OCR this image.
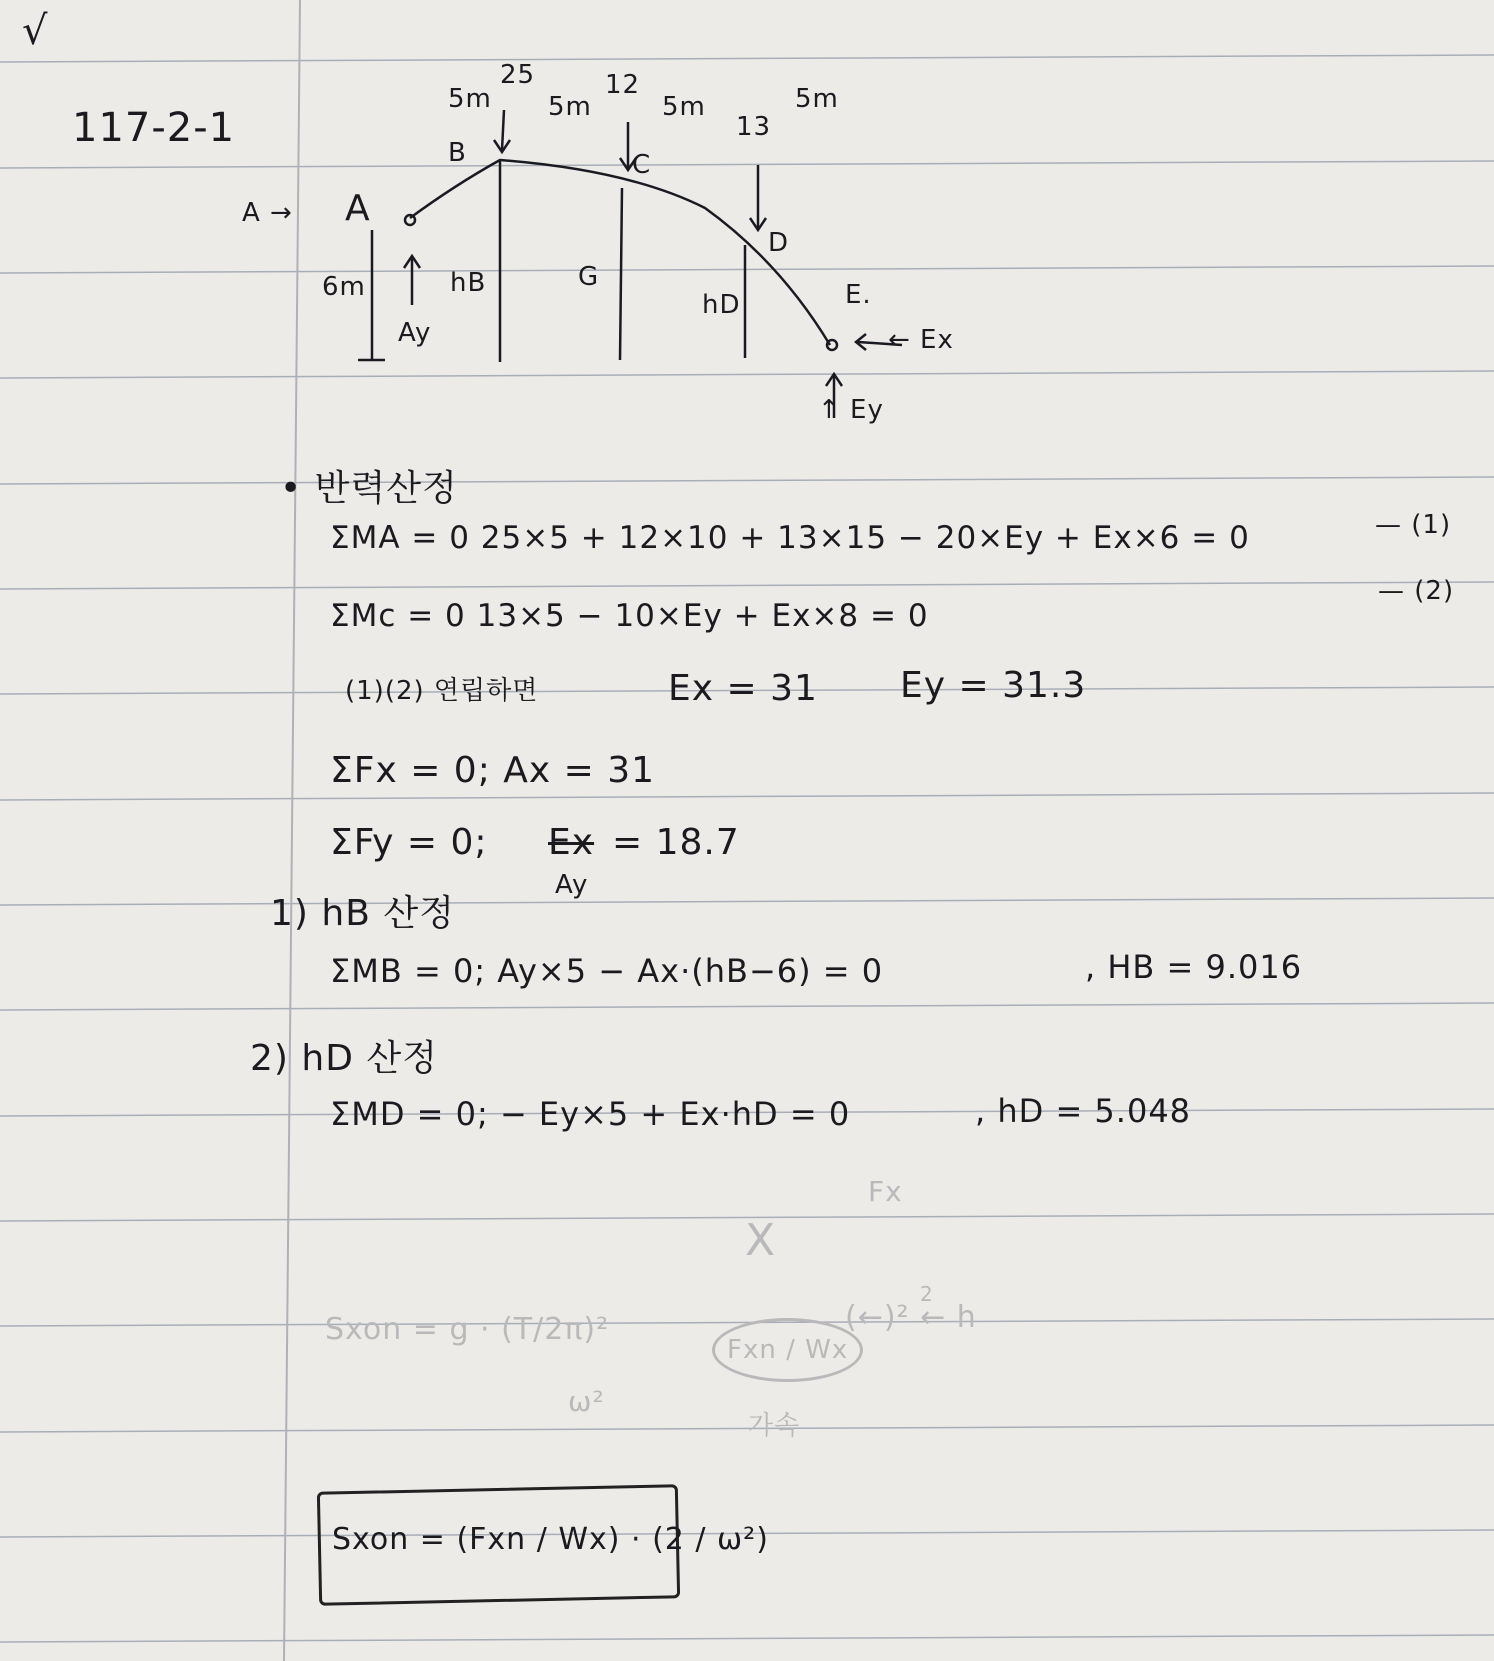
√
117-2-1
5m
25
5m
12
5m
13
5m
B	C
D
E.
G
A → A
6m	hB
hD
Ay	← Ex
↑ Ey
• 반력산정
ΣMA = 0 25×5 + 12×10 + 13×15 − 20×Ey + Ex×6 = 0	— (1)
ΣMc = 0 13×5 − 10×Ey + Ex×8 = 0
— (2)
(1)(2) 연립하면	Ex = 31 Ey = 31.3
ΣFx = 0; Ax = 31
ΣFy = 0; Ex = 18.7
Ay
1) hB 산정
ΣMB = 0; Ay×5 − Ax·(hB−6) = 0	, HB = 9.016
2) hD 산정
ΣMD = 0; − Ey×5 + Ex·hD = 0	, hD = 5.048
Fx
X
Sxon = g · (T/2π)²
ω²
Fxn / Wx
(←)² ← h
2
가속
Sxon = (Fxn / Wx) · (2 / ω²)
